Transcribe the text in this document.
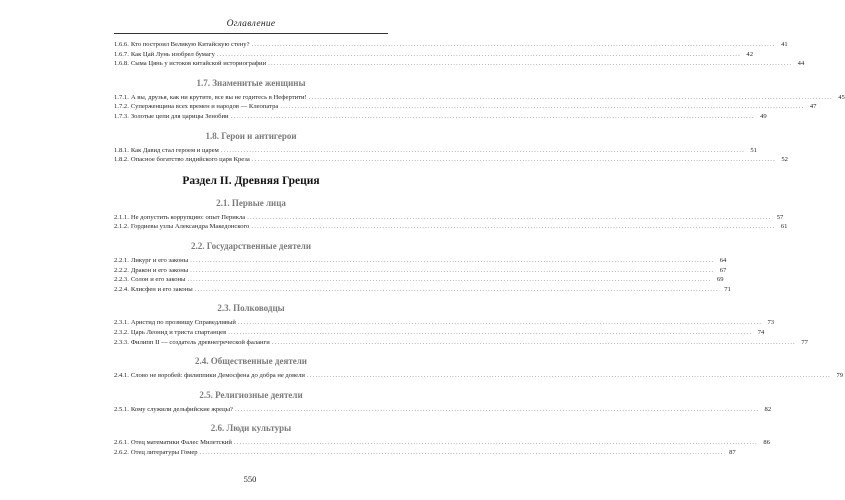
Оглавление
1.6.6. Кто построил Великую Китайскую стену? .....	41
1.6.7. Как Цай Лунь изобрел бумагу .....	42
1.6.8. Сыма Цянь у истоков китайской историографии .....	44
1.7. Знаменитые женщины
1.7.1. А вы, друзья, как ни крутите, все вы не годитесь в Нефертити! .....	45
1.7.2. Суперженщина всех времен и народов — Клеопатра .....	47
1.7.3. Золотые цепи для царицы Зенобии .....	49
1.8. Герои и антигерои
1.8.1. Как Давид стал героем и царем .....	51
1.8.2. Опасное богатство лидийского царя Креза .....	52
Раздел II. Древняя Греция
2.1. Первые лица
2.1.1. Не допустить коррупцию: опыт Перикла .....	57
2.1.2. Гордиевы узлы Александра Македонского .....	61
2.2. Государственные деятели
2.2.1. Ликург и его законы .....	64
2.2.2. Дракон и его законы .....	67
2.2.3. Солон и его законы .....	69
2.2.4. Клисфен и его законы .....	71
2.3. Полководцы
2.3.1. Аристид по прозвищу Справедливый .....	73
2.3.2. Царь Леонид и триста спартанцев .....	74
2.3.3. Филипп II — создатель древнегреческой фаланги .....	77
2.4. Общественные деятели
2.4.1. Слово не воробей: филиппики Демосфена до добра не довели .....	79
2.5. Религиозные деятели
2.5.1. Кому служили дельфийские жрецы? .....	82
2.6. Люди культуры
2.6.1. Отец математики Фалес Милетский .....	86
2.6.2. Отец литературы Гомер .....	87
550
